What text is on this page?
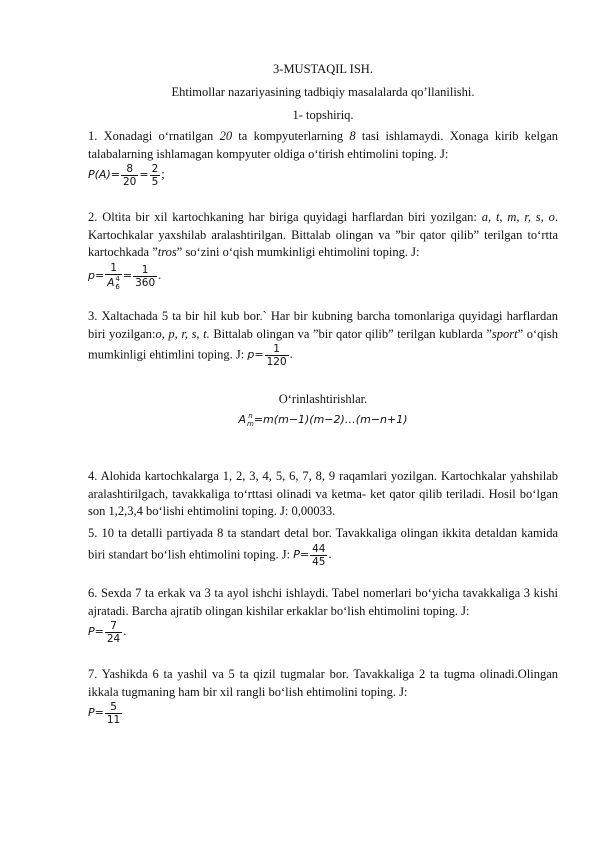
3-MUSTAQIL ISH.
Ehtimollar nazariyasining tadbiqiy masalalarda qo’llanilishi.
1- topshiriq.
1. Xonadagi o‘rnatilgan 20 ta kompyuterlarning 8 tasi ishlamaydi. Xonaga kirib kelgan talabalarning ishlamagan kompyuter oldiga o‘tirish ehtimolini toping. J:
$P(A)= \frac{8}{20} = \frac{2}{5}$ ;
2. Oltita bir xil kartochkaning har biriga quyidagi harflardan biri yozilgan: a, t, m, r, s, o. Kartochkalar yaxshilab aralashtirilgan. Bittalab olingan va ”bir qator qilib” terilgan to‘rtta kartochkada ”tros” so‘zini o‘qish mumkinligi ehtimolini toping. J:
p= 1
A 4
$6 = \frac{1}{360}$ .
3. Xaltachada 5 ta bir hil kub bor.` Har bir kubning barcha tomonlariga quyidagi harflardan biri yozilgan:o, p, r, s, t. Bittalab olingan va ”bir qator qilib” terilgan kublarda ”sport” o‘qish mumkinligi ehtimlini toping. J: $p= \frac{1}{120}$ .
O‘rinlashtirishlar.
A n
m =m(m−1)(m−2)…(m−n+1)
4. Alohida kartochkalarga 1, 2, 3, 4, 5, 6, 7, 8, 9 raqamlari yozilgan. Kartochkalar yahshilab aralashtirilgach, tavakkaliga to‘rttasi olinadi va ketma- ket qator qilib teriladi. Hosil bo‘lgan son 1,2,3,4 bo‘lishi ehtimolini toping. J: 0,00033.
5. 10 ta detalli partiyada 8 ta standart detal bor. Tavakkaliga olingan ikkita detaldan kamida biri standart bo‘lish ehtimolini toping. J: $P= \frac{44}{45}$ .
6. Sexda 7 ta erkak va 3 ta ayol ishchi ishlaydi. Tabel nomerlari bo‘yicha tavakkaliga 3 kishi ajratadi. Barcha ajratib olingan kishilar erkaklar bo‘lish ehtimolini toping. J:
$P= \frac{7}{24}$ .
7. Yashikda 6 ta yashil va 5 ta qizil tugmalar bor. Tavakkaliga 2 ta tugma olinadi.Olingan ikkala tugmaning ham bir xil rangli bo‘lish ehtimolini toping. J:
$P= \frac{5}{11}$
